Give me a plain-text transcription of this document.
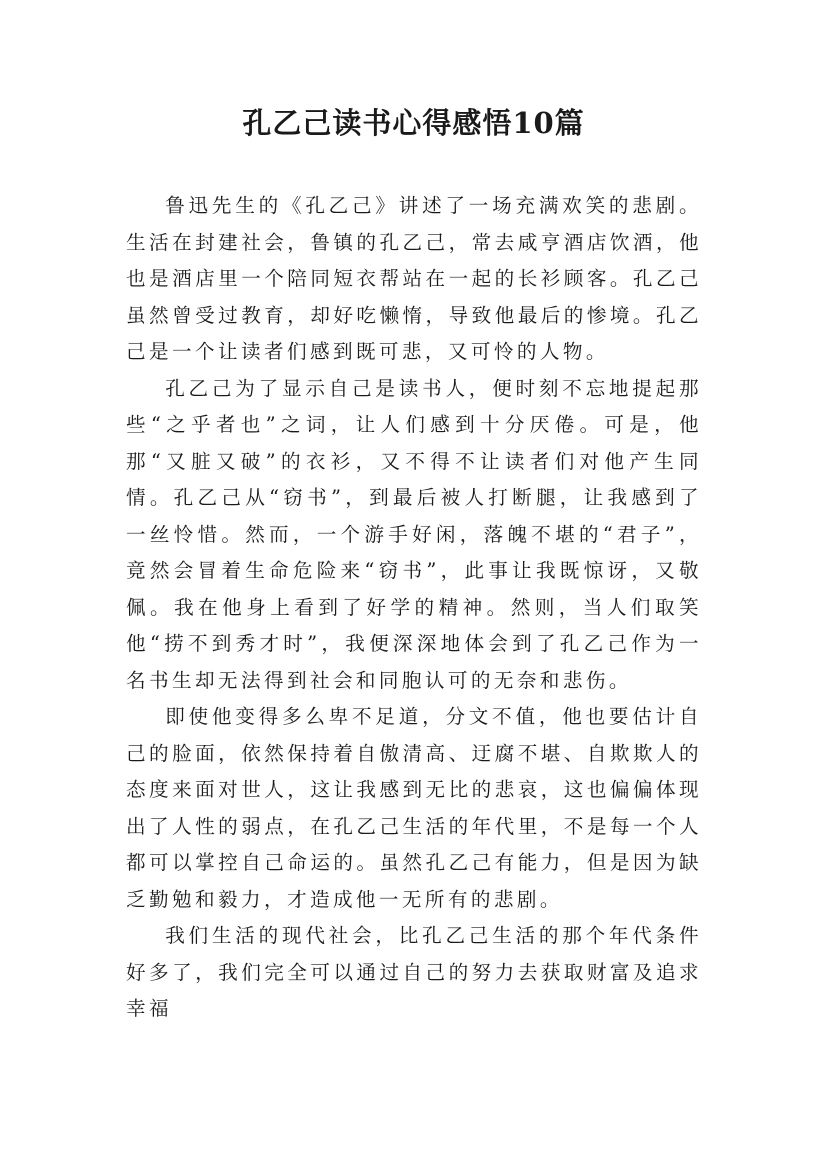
孔乙己读书心得感悟10篇

鲁迅先生的《孔乙己》讲述了一场充满欢笑的悲剧。生活在封建社会，鲁镇的孔乙己，常去咸亨酒店饮酒，他也是酒店里一个陪同短衣帮站在一起的长衫顾客。孔乙己虽然曾受过教育，却好吃懒惰，导致他最后的惨境。孔乙己是一个让读者们感到既可悲，又可怜的人物。

孔乙己为了显示自己是读书人，便时刻不忘地提起那些“之乎者也”之词，让人们感到十分厌倦。可是，他那“又脏又破”的衣衫，又不得不让读者们对他产生同情。孔乙己从“窃书”，到最后被人打断腿，让我感到了一丝怜惜。然而，一个游手好闲，落魄不堪的“君子”，竟然会冒着生命危险来“窃书”，此事让我既惊讶，又敬佩。我在他身上看到了好学的精神。然则，当人们取笑他“捞不到秀才时”，我便深深地体会到了孔乙己作为一名书生却无法得到社会和同胞认可的无奈和悲伤。

即使他变得多么卑不足道，分文不值，他也要估计自己的脸面，依然保持着自傲清高、迂腐不堪、自欺欺人的态度来面对世人，这让我感到无比的悲哀，这也偏偏体现出了人性的弱点，在孔乙己生活的年代里，不是每一个人都可以掌控自己命运的。虽然孔乙己有能力，但是因为缺乏勤勉和毅力，才造成他一无所有的悲剧。

我们生活的现代社会，比孔乙己生活的那个年代条件好多了，我们完全可以通过自己的努力去获取财富及追求幸福
